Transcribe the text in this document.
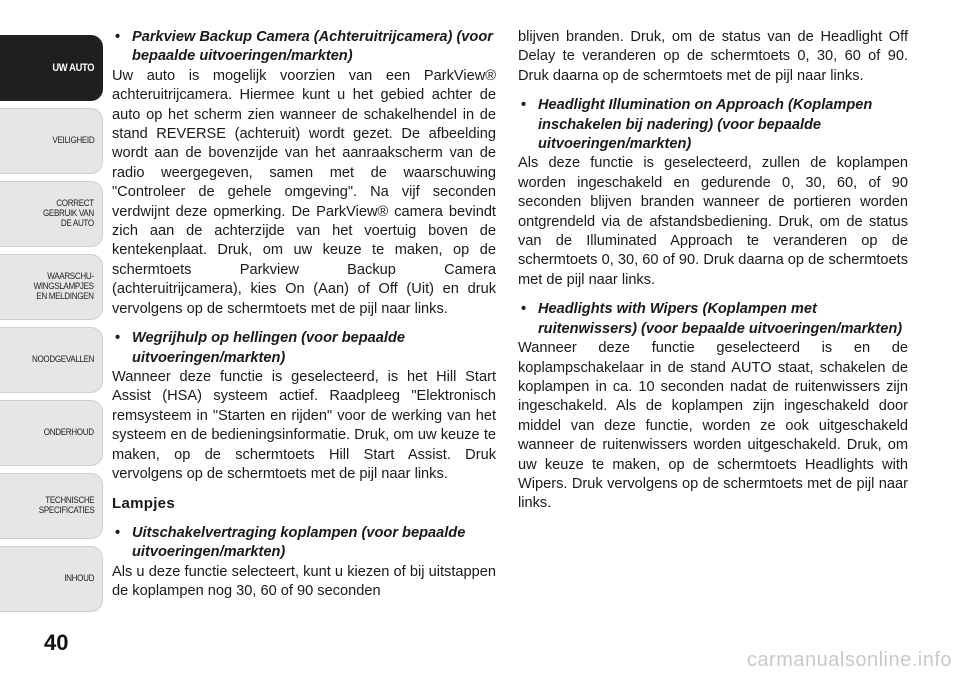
UW AUTO
VEILIGHEID
CORRECT
GEBRUIK VAN
DE AUTO
WAARSCHU-
WINGSLAMPJES
EN MELDINGEN
NOODGEVALLEN
ONDERHOUD
TECHNISCHE
SPECIFICATIES
INHOUD
40
• Parkview Backup Camera (Achteruitrijcamera) (voor bepaalde uitvoeringen/markten)

Uw auto is mogelijk voorzien van een ParkView® achteruitrijcamera. Hiermee kunt u het gebied achter de auto op het scherm zien wanneer de schakelhendel in de stand REVERSE (achteruit) wordt gezet. De afbeelding wordt aan de bovenzijde van het aanraakscherm van de radio weergegeven, samen met de waarschuwing "Controleer de gehele omgeving". Na vijf seconden verdwijnt deze opmerking. De ParkView® camera bevindt zich aan de achterzijde van het voertuig boven de kentekenplaat. Druk, om uw keuze te maken, op de schermtoets Parkview Backup Camera (achteruitrijcamera), kies On (Aan) of Off (Uit) en druk vervolgens op de schermtoets met de pijl naar links.

• Wegrijhulp op hellingen (voor bepaalde uitvoeringen/markten)

Wanneer deze functie is geselecteerd, is het Hill Start Assist (HSA) systeem actief. Raadpleeg "Elektronisch remsysteem in "Starten en rijden" voor de werking van het systeem en de bedieningsinformatie. Druk, om uw keuze te maken, op de schermtoets Hill Start Assist. Druk vervolgens op de schermtoets met de pijl naar links.

Lampjes
• Uitschakelvertraging koplampen (voor bepaalde uitvoeringen/markten)

Als u deze functie selecteert, kunt u kiezen of bij uitstappen de koplampen nog 30, 60 of 90 seconden

blijven branden. Druk, om de status van de Headlight Off Delay te veranderen op de schermtoets 0, 30, 60 of 90. Druk daarna op de schermtoets met de pijl naar links.

• Headlight Illumination on Approach (Koplampen inschakelen bij nadering) (voor bepaalde uitvoeringen/markten)

Als deze functie is geselecteerd, zullen de koplampen worden ingeschakeld en gedurende 0, 30, 60, of 90 seconden blijven branden wanneer de portieren worden ontgrendeld via de afstandsbediening. Druk, om de status van de Illuminated Approach te veranderen op de schermtoets 0, 30, 60 of 90. Druk daarna op de schermtoets met de pijl naar links.

• Headlights with Wipers (Koplampen met ruitenwissers) (voor bepaalde uitvoeringen/markten)

Wanneer deze functie geselecteerd is en de koplampschakelaar in de stand AUTO staat, schakelen de koplampen in ca. 10 seconden nadat de ruitenwissers zijn ingeschakeld. Als de koplampen zijn ingeschakeld door middel van deze functie, worden ze ook uitgeschakeld wanneer de ruitenwissers worden uitgeschakeld. Druk, om uw keuze te maken, op de schermtoets Headlights with Wipers. Druk vervolgens op de schermtoets met de pijl naar links.

carmanualsonline.info
